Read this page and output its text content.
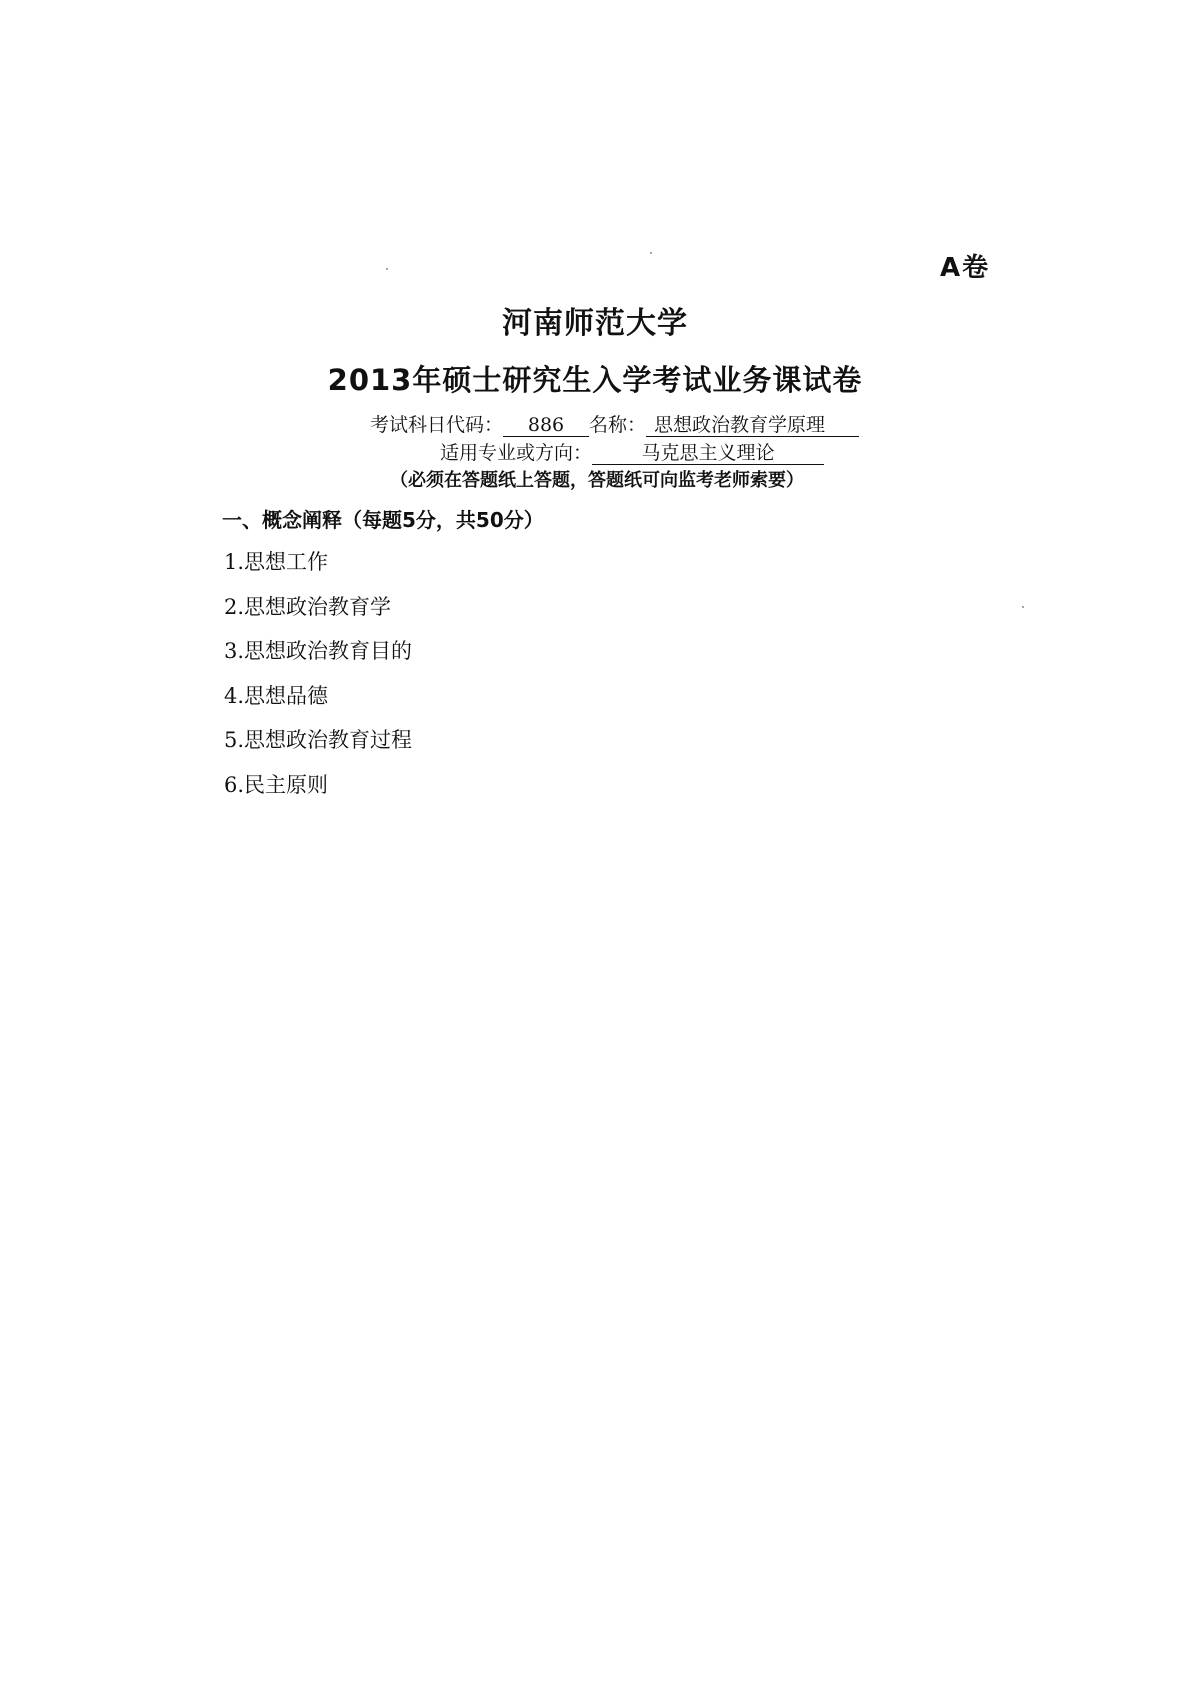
A卷
河南师范大学
2013年硕士研究生入学考试业务课试卷
考试科日代码： 886 名称： 思想政治教育学原理
适用专业或方向：	马克思主义理论
（必须在答题纸上答题，答题纸可向监考老师索要）
一、概念阐释（每题5分，共50分）
1.思想工作
2.思想政治教育学
3.思想政治教育目的
4.思想品德
5.思想政治教育过程
6.民主原则
